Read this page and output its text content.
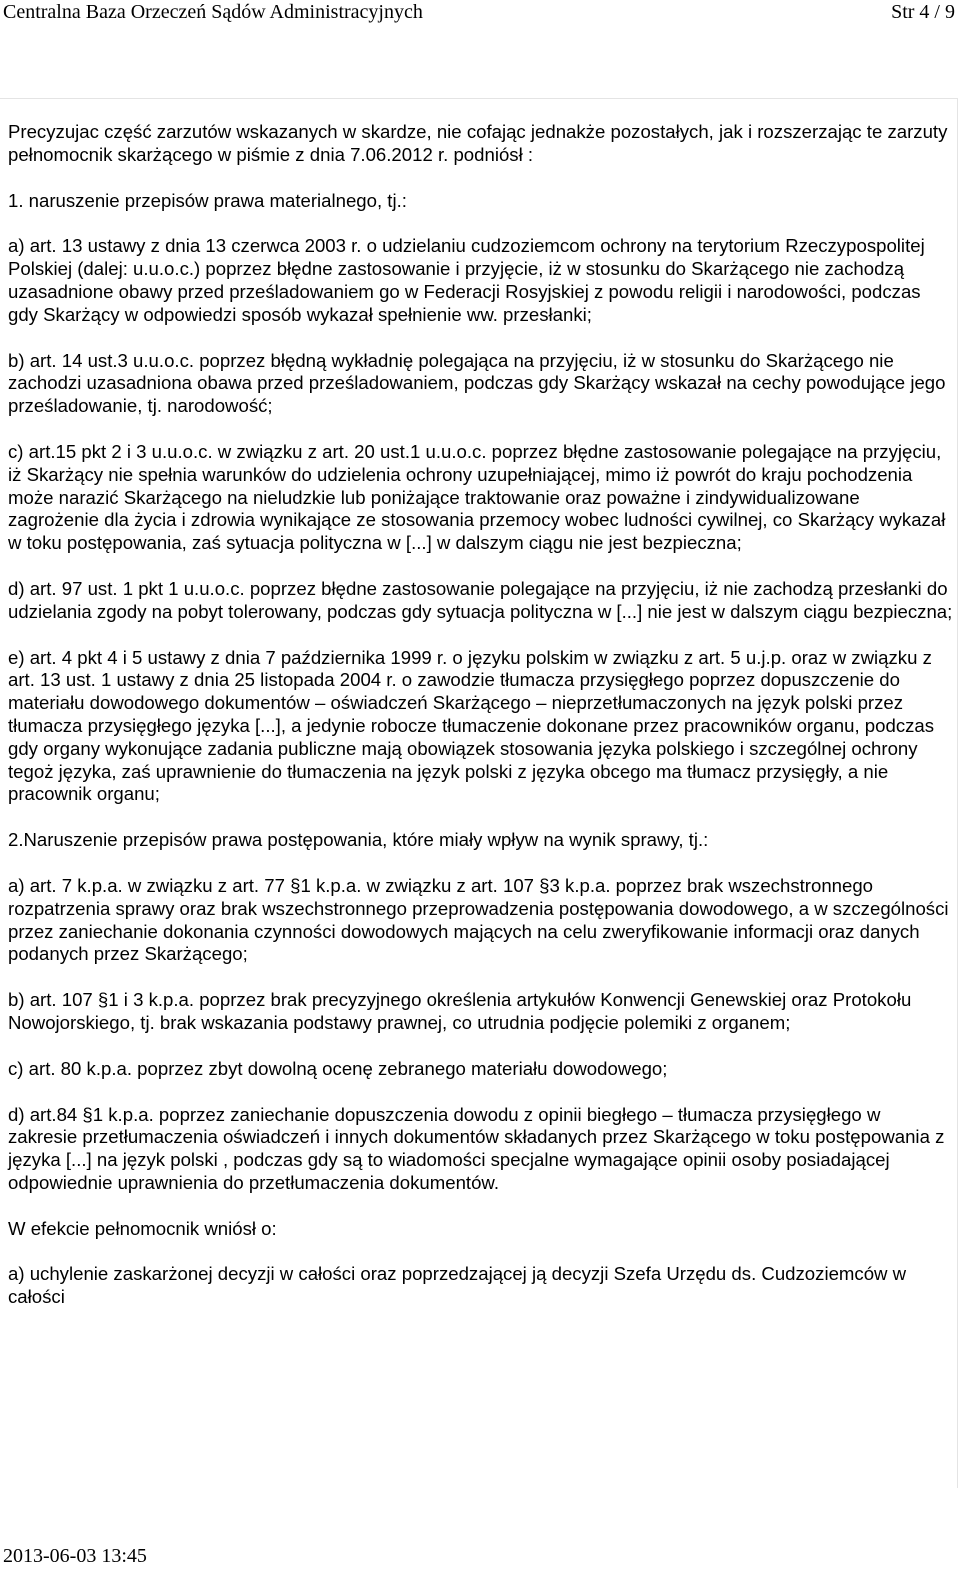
Centralna Baza Orzeczeń Sądów Administracyjnych	Str 4 / 9

Precyzujac część zarzutów wskazanych w skardze, nie cofając jednakże pozostałych, jak i rozszerzając te zarzuty pełnomocnik skarżącego w piśmie z dnia 7.06.2012 r. podniósł :

1. naruszenie przepisów prawa materialnego, tj.:

a) art. 13 ustawy z dnia 13 czerwca 2003 r. o udzielaniu cudzoziemcom ochrony na terytorium Rzeczypospolitej Polskiej (dalej: u.u.o.c.) poprzez błędne zastosowanie i przyjęcie, iż w stosunku do Skarżącego nie zachodzą uzasadnione obawy przed prześladowaniem go w Federacji Rosyjskiej z powodu religii i narodowości, podczas gdy Skarżący w odpowiedzi sposób wykazał spełnienie ww. przesłanki;

b) art. 14 ust.3 u.u.o.c. poprzez błędną wykładnię polegająca na przyjęciu, iż w stosunku do Skarżącego nie zachodzi uzasadniona obawa przed prześladowaniem, podczas gdy Skarżący wskazał na cechy powodujące jego prześladowanie, tj. narodowość;

c) art.15 pkt 2 i 3 u.u.o.c. w związku z art. 20 ust.1 u.u.o.c. poprzez błędne zastosowanie polegające na przyjęciu, iż Skarżący nie spełnia warunków do udzielenia ochrony uzupełniającej, mimo iż powrót do kraju pochodzenia może narazić Skarżącego na nieludzkie lub poniżające traktowanie oraz poważne i zindywidualizowane zagrożenie dla życia i zdrowia wynikające ze stosowania przemocy wobec ludności cywilnej, co Skarżący wykazał w toku postępowania, zaś sytuacja polityczna w [...] w dalszym ciągu nie jest bezpieczna;

d) art. 97 ust. 1 pkt 1 u.u.o.c. poprzez błędne zastosowanie polegające na przyjęciu, iż nie zachodzą przesłanki do udzielania zgody na pobyt tolerowany, podczas gdy sytuacja polityczna w [...] nie jest w dalszym ciągu bezpieczna;

e) art. 4 pkt 4 i 5 ustawy z dnia 7 października 1999 r. o języku polskim w związku z art. 5 u.j.p. oraz w związku z art. 13 ust. 1 ustawy z dnia 25 listopada 2004 r. o zawodzie tłumacza przysięgłego poprzez dopuszczenie do materiału dowodowego dokumentów – oświadczeń Skarżącego – nieprzetłumaczonych na język polski przez tłumacza przysięgłego języka [...], a jedynie robocze tłumaczenie dokonane przez pracowników organu, podczas gdy organy wykonujące zadania publiczne mają obowiązek stosowania języka polskiego i szczególnej ochrony tegoż języka, zaś uprawnienie do tłumaczenia na język polski z języka obcego ma tłumacz przysięgły, a nie pracownik organu;

2.Naruszenie przepisów prawa postępowania, które miały wpływ na wynik sprawy, tj.:

a) art. 7 k.p.a. w związku z art. 77 §1 k.p.a. w związku z art. 107 §3 k.p.a. poprzez brak wszechstronnego rozpatrzenia sprawy oraz brak wszechstronnego przeprowadzenia postępowania dowodowego, a w szczególności przez zaniechanie dokonania czynności dowodowych mających na celu zweryfikowanie informacji oraz danych podanych przez Skarżącego;

b) art. 107 §1 i 3 k.p.a. poprzez brak precyzyjnego określenia artykułów Konwencji Genewskiej oraz Protokołu Nowojorskiego, tj. brak wskazania podstawy prawnej, co utrudnia podjęcie polemiki z organem;

c) art. 80 k.p.a. poprzez zbyt dowolną ocenę zebranego materiału dowodowego;

d) art.84 §1 k.p.a. poprzez zaniechanie dopuszczenia dowodu z opinii biegłego – tłumacza przysięgłego w zakresie przetłumaczenia oświadczeń i innych dokumentów składanych przez Skarżącego w toku postępowania z języka [...] na język polski , podczas gdy są to wiadomości specjalne wymagające opinii osoby posiadającej odpowiednie uprawnienia do przetłumaczenia dokumentów.

W efekcie pełnomocnik wniósł o:

a) uchylenie zaskarżonej decyzji w całości oraz poprzedzającej ją decyzji Szefa Urzędu ds. Cudzoziemców w całości

2013-06-03 13:45
